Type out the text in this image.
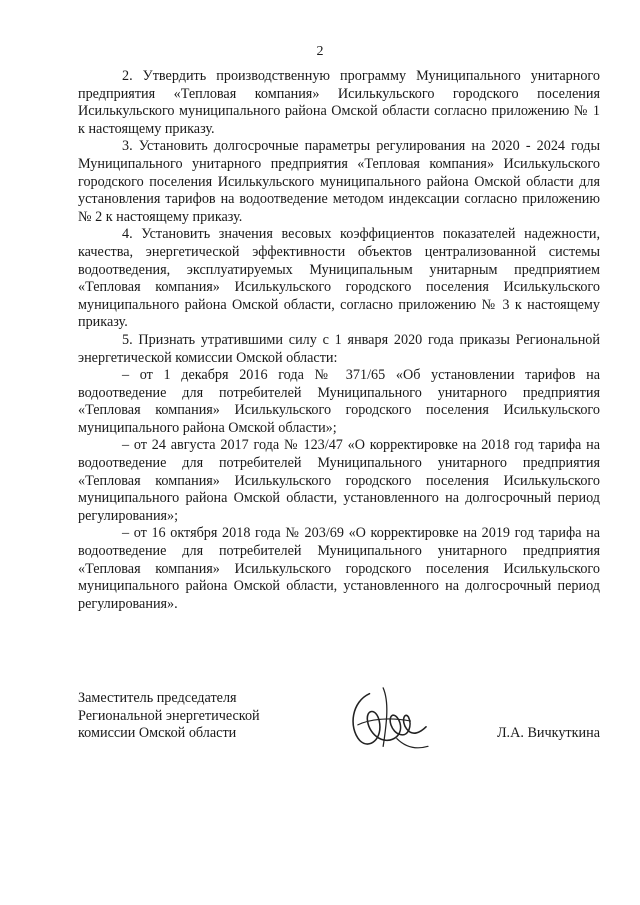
2

2. Утвердить производственную программу Муниципального унитарного предприятия «Тепловая компания» Исилькульского городского поселения Исилькульского муниципального района Омской области согласно приложению № 1 к настоящему приказу.

3. Установить долгосрочные параметры регулирования на 2020 - 2024 годы Муниципального унитарного предприятия «Тепловая компания» Исилькульского городского поселения Исилькульского муниципального района Омской области для установления тарифов на водоотведение методом индексации согласно приложению № 2 к настоящему приказу.

4. Установить значения весовых коэффициентов показателей надежности, качества, энергетической эффективности объектов централизованной системы водоотведения, эксплуатируемых Муниципальным унитарным предприятием «Тепловая компания» Исилькульского городского поселения Исилькульского муниципального района Омской области, согласно приложению № 3 к настоящему приказу.

5. Признать утратившими силу с 1 января 2020 года приказы Региональной энергетической комиссии Омской области:

– от 1 декабря 2016 года № 371/65 «Об установлении тарифов на водоотведение для потребителей Муниципального унитарного предприятия «Тепловая компания» Исилькульского городского поселения Исилькульского муниципального района Омской области»;

– от 24 августа 2017 года № 123/47 «О корректировке на 2018 год тарифа на водоотведение для потребителей Муниципального унитарного предприятия «Тепловая компания» Исилькульского городского поселения Исилькульского муниципального района Омской области, установленного на долгосрочный период регулирования»;

– от 16 октября 2018 года № 203/69 «О корректировке на 2019 год тарифа на водоотведение для потребителей Муниципального унитарного предприятия «Тепловая компания» Исилькульского городского поселения Исилькульского муниципального района Омской области, установленного на долгосрочный период регулирования».

Заместитель председателя
Региональной энергетической
комиссии Омской области	Л.А. Вичкуткина
